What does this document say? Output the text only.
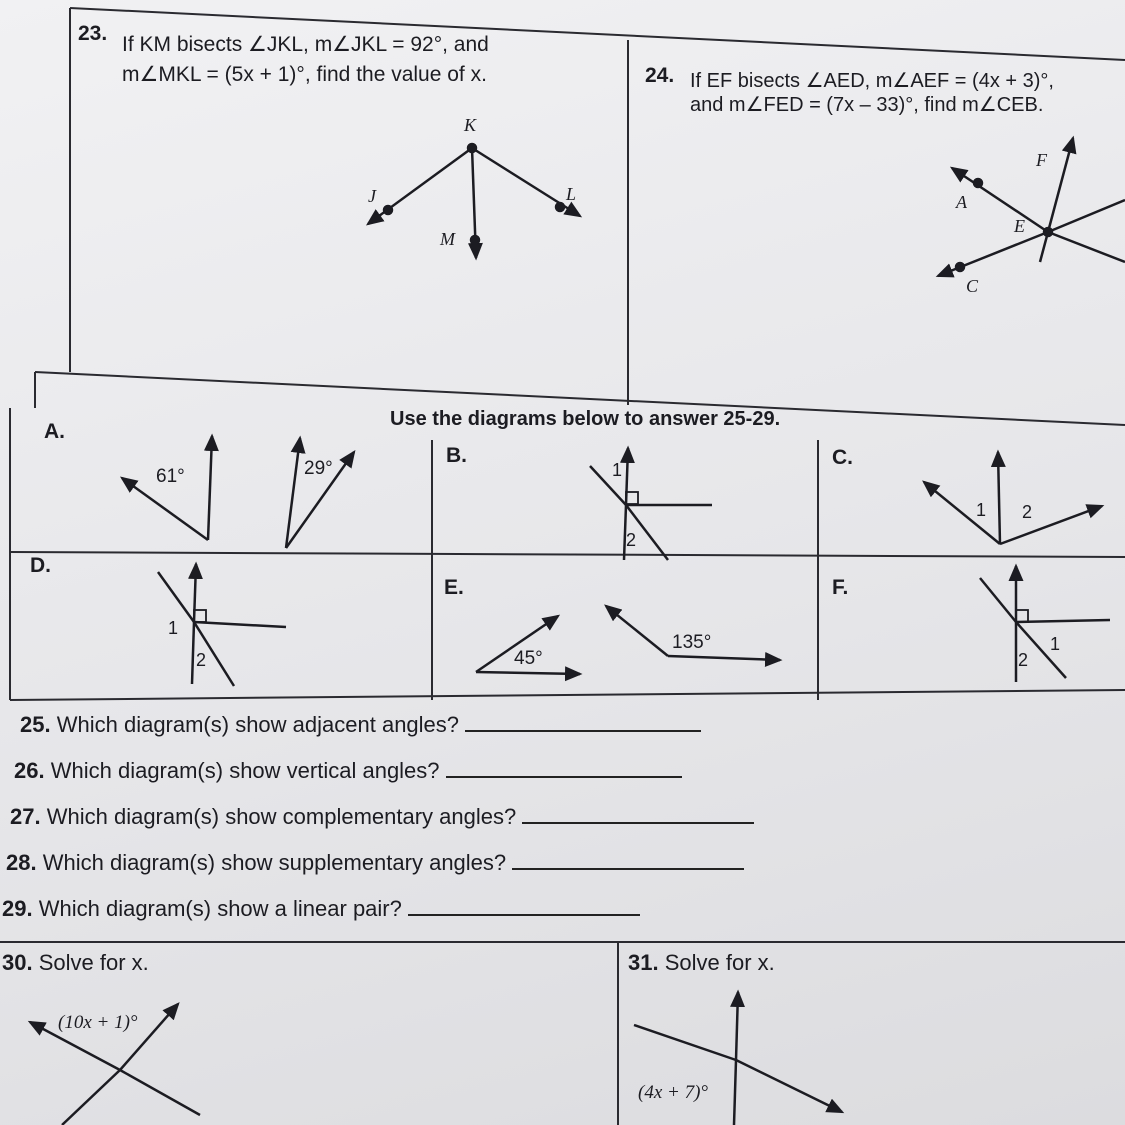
23. If KM bisects ∠JKL, m∠JKL = 92°, and
m∠MKL = (5x + 1)°, find the value of x.
K
J	L
M
24. If EF bisects ∠AED, m∠AEF = (4x + 3)°,
and m∠FED = (7x – 33)°, find m∠CEB.
F
A
E
C
Use the diagrams below to answer 25-29.
A.
61°	29°
B.
1
2
C.
1 2
D.
1
2
E.
45°
135°
F.
1
2
25. Which diagram(s) show adjacent angles?
26. Which diagram(s) show vertical angles?
27. Which diagram(s) show complementary angles?
28. Which diagram(s) show supplementary angles?
29. Which diagram(s) show a linear pair?
30. Solve for x.
(10x + 1)°
31. Solve for x.
(4x + 7)°
